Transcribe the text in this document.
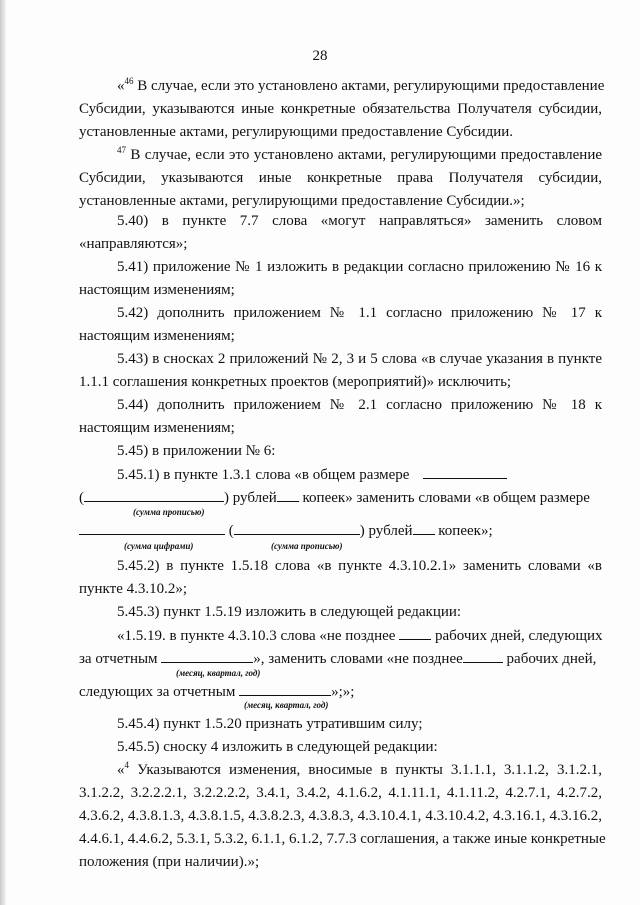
28
«$^{46}$ В случае, если это установлено актами, регулирующими предоставление
Субсидии, указываются иные конкретные обязательства Получателя субсидии,
установленные актами, регулирующими предоставление Субсидии.
$^{47}$ В случае, если это установлено актами, регулирующими предоставление
Субсидии, указываются иные конкретные права Получателя субсидии,
установленные актами, регулирующими предоставление Субсидии.»;
5.40) в пункте 7.7 слова «могут направляться» заменить словом
«направляются»;
5.41) приложение № 1 изложить в редакции согласно приложению № 16 к
настоящим изменениям;
5.42) дополнить приложением № 1.1 согласно приложению № 17 к
настоящим изменениям;
5.43) в сносках 2 приложений № 2, 3 и 5 слова «в случае указания в пункте
1.1.1 соглашения конкретных проектов (мероприятий)» исключить;
5.44) дополнить приложением № 2.1 согласно приложению № 18 к
настоящим изменениям;
5.45) в приложении № 6:
5.45.1) в пункте 1.3.1 слова «в общем размере
(	) рублей копеек» заменить словами «в общем размере
(сумма прописью)
(	) рублей копеек»;
(сумма цифрами)	(сумма прописью)
5.45.2) в пункте 1.5.18 слова «в пункте 4.3.10.2.1» заменить словами «в
пункте 4.3.10.2»;
5.45.3) пункт 1.5.19 изложить в следующей редакции:
«1.5.19. в пункте 4.3.10.3 слова «не позднее	рабочих дней, следующих
за отчетным	», заменить словами «не позднее	рабочих дней,
(месяц, квартал, год)
следующих за отчетным	»;»;
(месяц, квартал, год)
5.45.4) пункт 1.5.20 признать утратившим силу;
5.45.5) сноску 4 изложить в следующей редакции:
«$^4$ Указываются изменения, вносимые в пункты 3.1.1.1, 3.1.1.2, 3.1.2.1,
3.1.2.2, 3.2.2.2.1, 3.2.2.2.2, 3.4.1, 3.4.2, 4.1.6.2, 4.1.11.1, 4.1.11.2, 4.2.7.1, 4.2.7.2,
4.3.6.2, 4.3.8.1.3, 4.3.8.1.5, 4.3.8.2.3, 4.3.8.3, 4.3.10.4.1, 4.3.10.4.2, 4.3.16.1, 4.3.16.2,
4.4.6.1, 4.4.6.2, 5.3.1, 5.3.2, 6.1.1, 6.1.2, 7.7.3 соглашения, а также иные конкретные
положения (при наличии).»;
